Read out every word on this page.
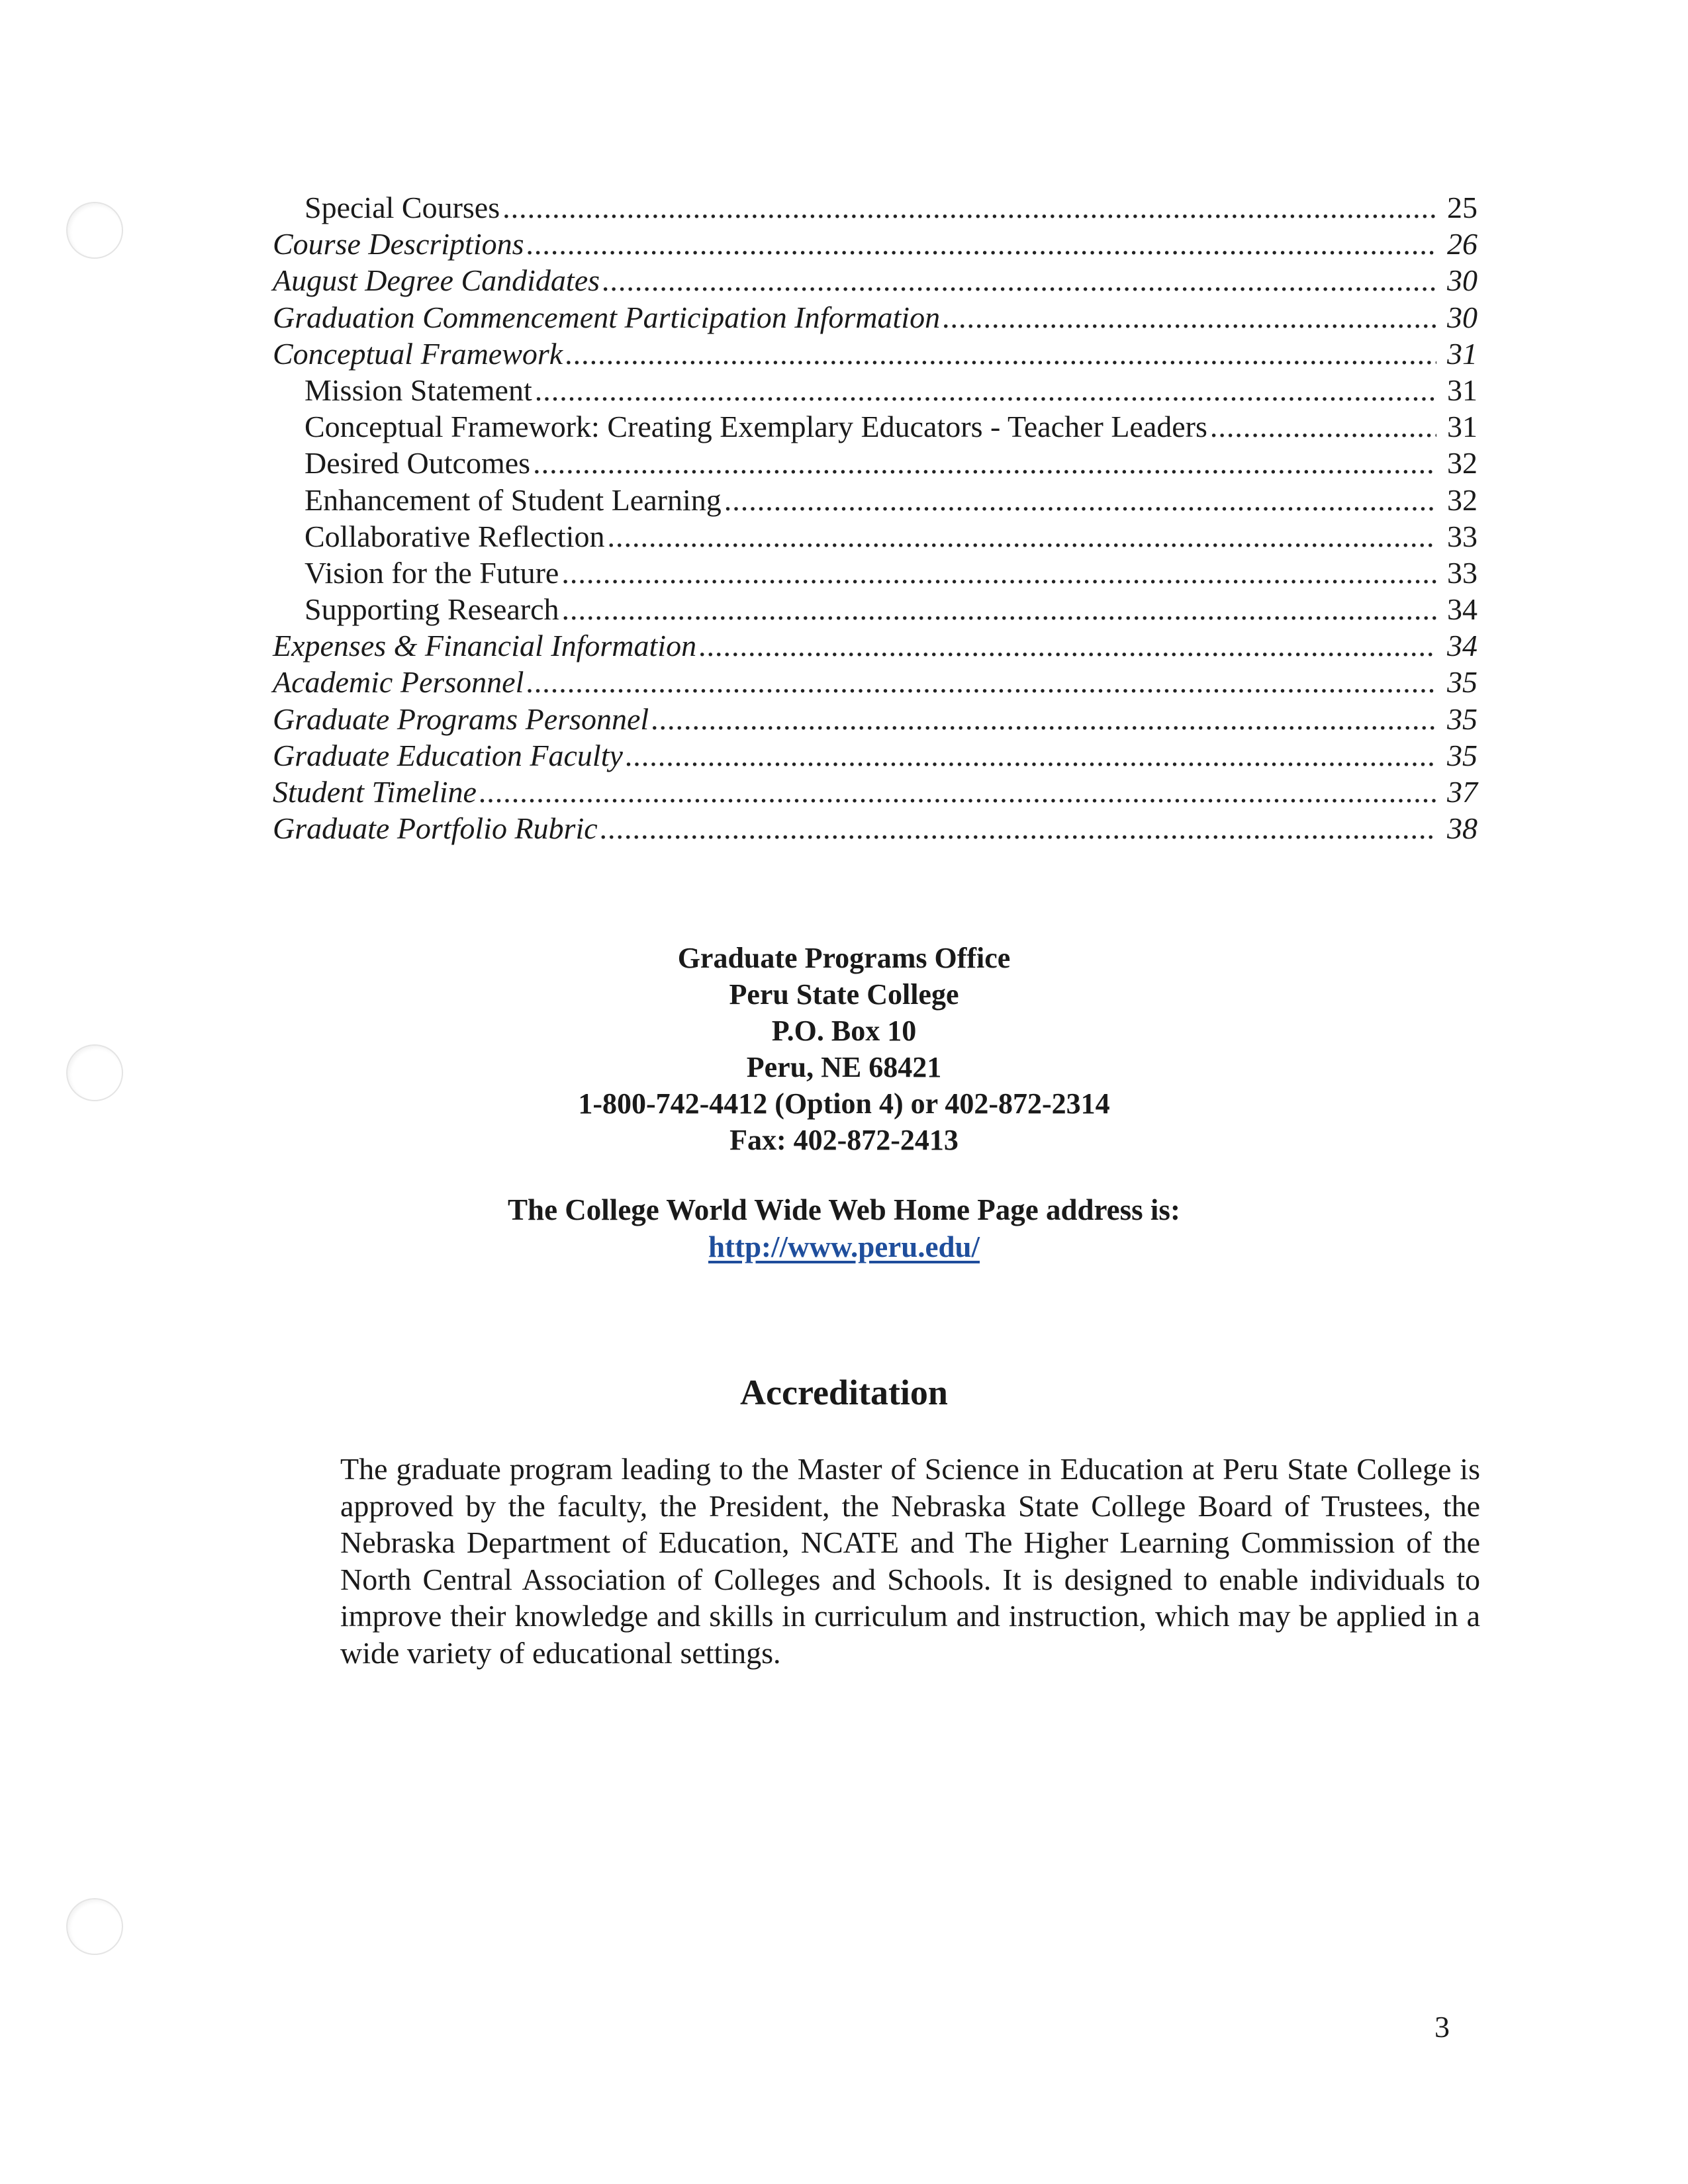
Special Courses .....	25
Course Descriptions .....	26
August Degree Candidates .....	30
Graduation Commencement Participation Information .....	30
Conceptual Framework .....	31
Mission Statement .....	31
Conceptual Framework: Creating Exemplary Educators - Teacher Leaders .....	31
Desired Outcomes .....	32
Enhancement of Student Learning .....	32
Collaborative Reflection .....	33
Vision for the Future .....	33
Supporting Research .....	34
Expenses & Financial Information .....	34
Academic Personnel .....	35
Graduate Programs Personnel .....	35
Graduate Education Faculty .....	35
Student Timeline .....	37
Graduate Portfolio Rubric .....	38
Graduate Programs Office
Peru State College
P.O. Box 10
Peru, NE 68421
1-800-742-4412 (Option 4) or 402-872-2314
Fax: 402-872-2413
The College World Wide Web Home Page address is:
http://www.peru.edu/
Accreditation
The graduate program leading to the Master of Science in Education at Peru State College is approved by the faculty, the President, the Nebraska State College Board of Trustees, the Nebraska Department of Education, NCATE and The Higher Learning Commission of the North Central Association of Colleges and Schools. It is designed to enable individuals to improve their knowledge and skills in curriculum and instruction, which may be applied in a wide variety of educational settings.
3
